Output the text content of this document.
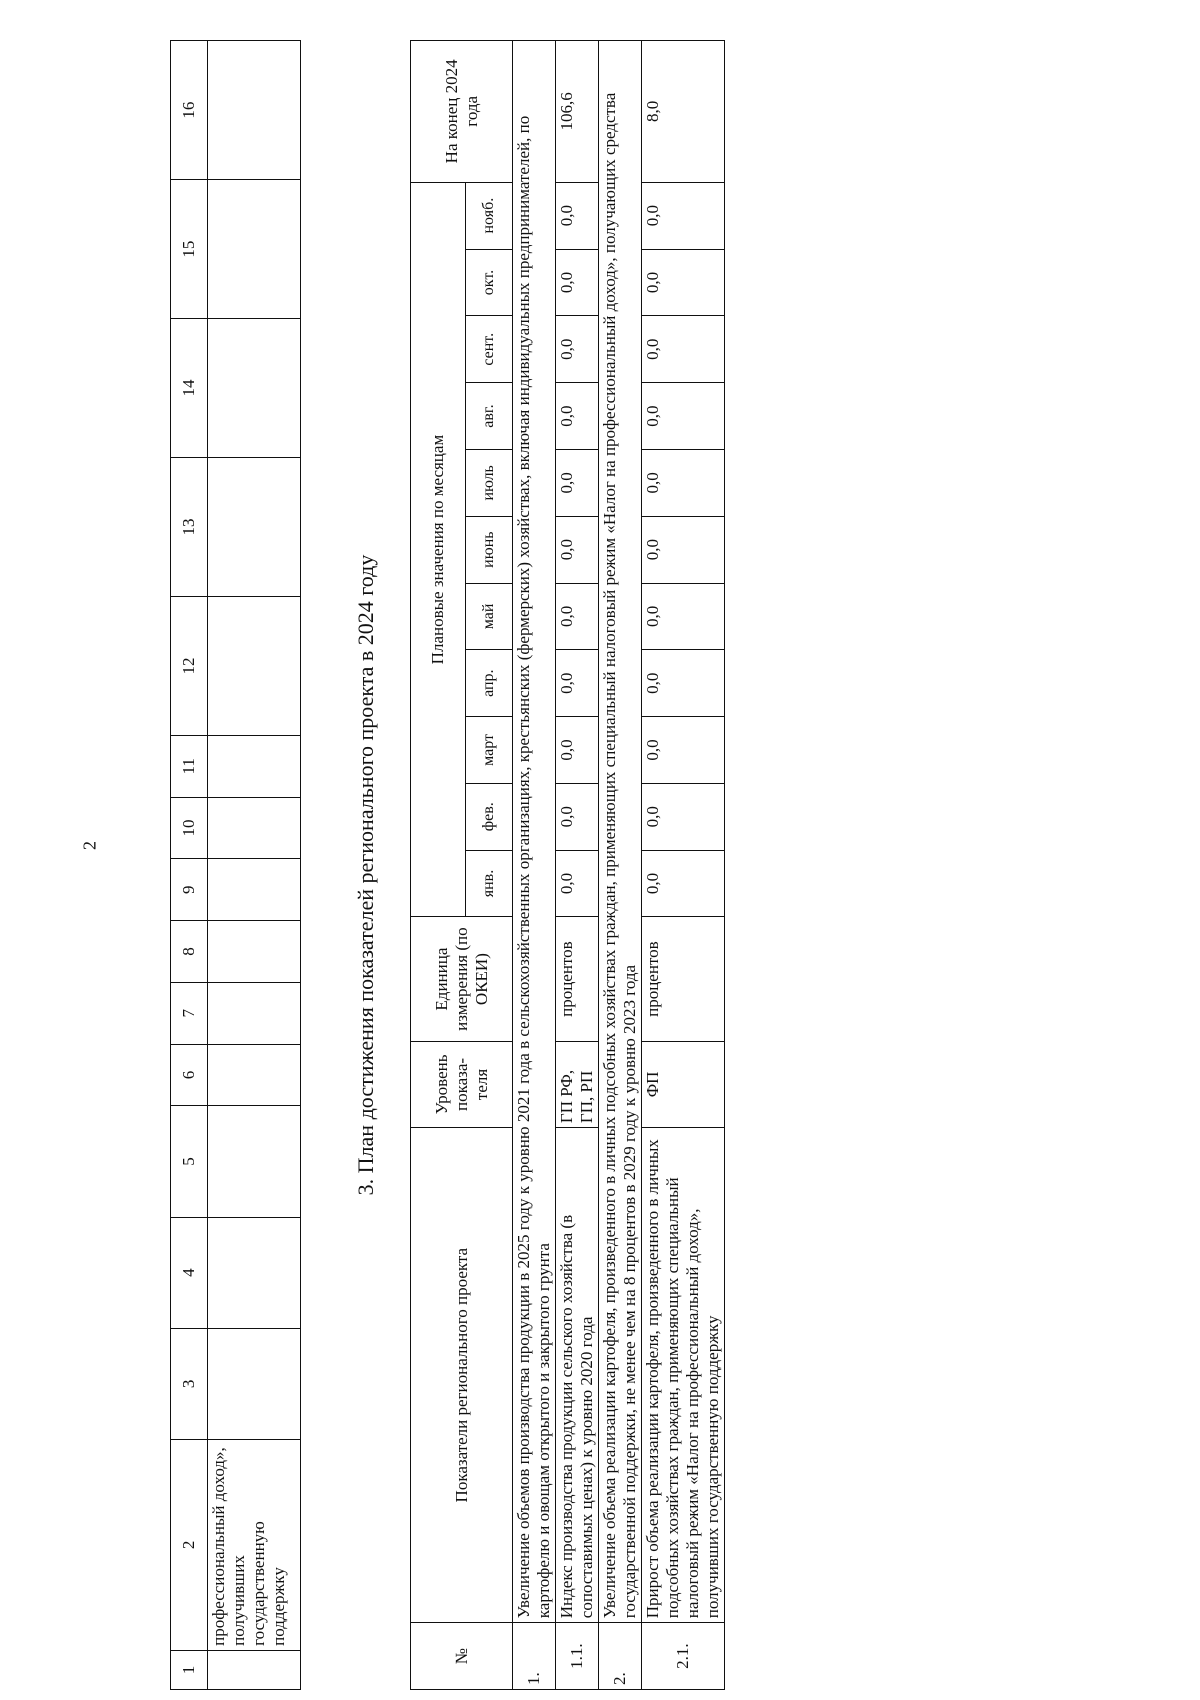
2
1	2	3	4	5	6	7	8	9	10	11	12	13	14	15	16
	профессиональный доход», получивших государственную поддержку														
3. План достижения показателей регионального проекта в 2024 году
№	Показатели регионального проекта	Уровень показа-теля	Единица измерения (по ОКЕИ)	Плановые значения по месяцам											На конец 2024 года
				янв.	фев.	март	апр.	май	июнь	июль	авг.	сент.	окт.	нояб.	
1.	Увеличение объемов производства продукции в 2025 году к уровню 2021 года в сельскохозяйственных организациях, крестьянских (фермерских) хозяйствах, включая индивидуальных предпринимателей, по картофелю и овощам открытого и закрытого грунта														
1.1.	Индекс производства продукции сельского хозяйства (в сопоставимых ценах) к уровню 2020 года	ГП РФ, ГП, РП	процентов	0,0	0,0	0,0	0,0	0,0	0,0	0,0	0,0	0,0	0,0	0,0	106,6
2.	Увеличение объема реализации картофеля, произведенного в личных подсобных хозяйствах граждан, применяющих специальный налоговый режим «Налог на профессиональный доход», получающих средства государственной поддержки, не менее чем на 8 процентов в 2029 году к уровню 2023 года														
2.1.	Прирост объема реализации картофеля, произведенного в личных подсобных хозяйствах граждан, применяющих специальный налоговый режим «Налог на профессиональный доход», получивших государственную поддержку	ФП	процентов	0,0	0,0	0,0	0,0	0,0	0,0	0,0	0,0	0,0	0,0	0,0	8,0
